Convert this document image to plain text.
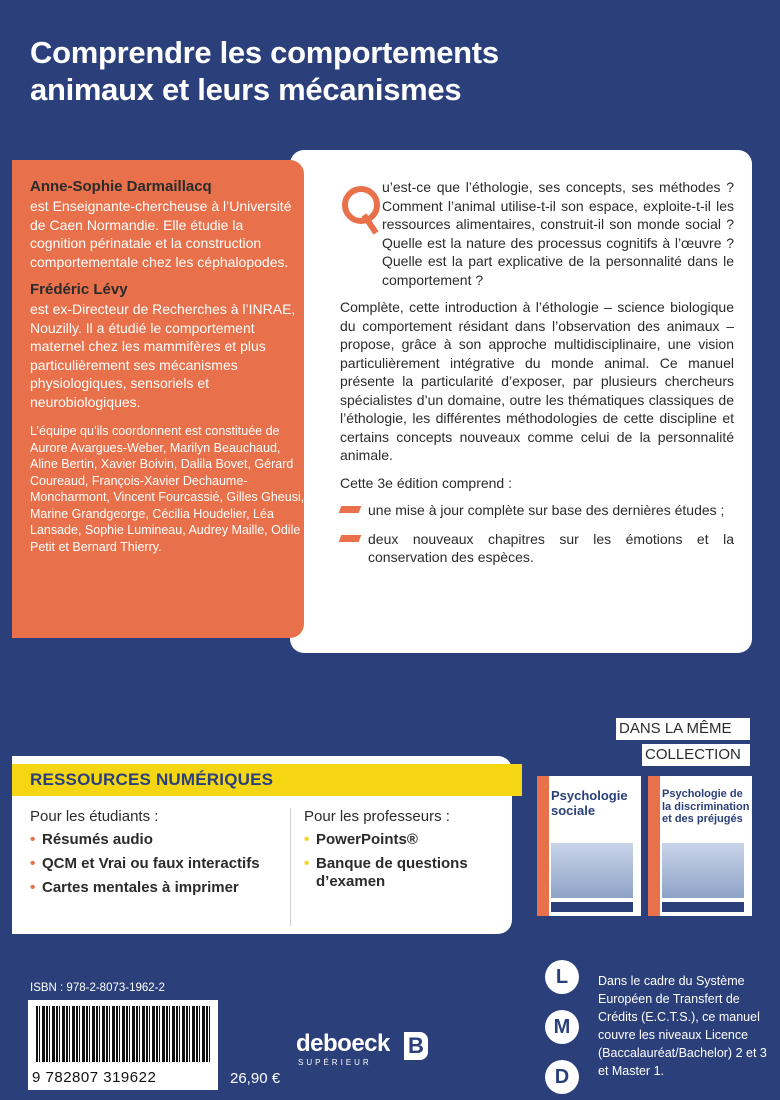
Comprendre les comportements
animaux et leurs mécanismes

Anne-Sophie Darmaillacq

est Enseignante-chercheuse à l’Université de Caen Normandie. Elle étudie la cognition périnatale et la construction comportementale chez les céphalopodes.

Frédéric Lévy

est ex-Directeur de Recherches à l’INRAE, Nouzilly. Il a étudié le comportement maternel chez les mammifères et plus particulièrement ses mécanismes physiologiques, sensoriels et neurobiologiques.

L’équipe qu’ils coordonnent est constituée de Aurore Avargues-Weber, Marilyn Beauchaud, Aline Bertin, Xavier Boivin, Dalila Bovet, Gérard Coureaud, François-Xavier Dechaume-Moncharmont, Vincent Fourcassié, Gilles Gheusi, Marine Grandgeorge, Cécilia Houdelier, Léa Lansade, Sophie Lumineau, Audrey Maille, Odile Petit et Bernard Thierry.
Q	u’est-ce que l’éthologie, ses concepts, ses méthodes ? Comment l’animal utilise-t-il son espace, exploite-t-il les ressources alimentaires, construit-il son monde social ? Quelle est la nature des processus cognitifs à l’œuvre ? Quelle est la part explicative de la personnalité dans le comportement ?

Complète, cette introduction à l’éthologie – science biologique du comportement résidant dans l’observation des animaux – propose, grâce à son approche multidisciplinaire, une vision particulièrement intégrative du monde animal. Ce manuel présente la particularité d’exposer, par plusieurs chercheurs spécialistes d’un domaine, outre les thématiques classiques de l’éthologie, les différentes méthodologies de cette discipline et certains concepts nouveaux comme celui de la personnalité animale.

Cette 3e édition comprend :

une mise à jour complète sur base des dernières études ;
deux nouveaux chapitres sur les émotions et la conservation des espèces.
DANS LA MÊME
COLLECTION
Psychologie sociale
Psychologie de la discrimination et des préjugés
RESSOURCES NUMÉRIQUES

Pour les étudiants :

• Résumés audio

• QCM et Vrai ou faux interactifs

• Cartes mentales à imprimer

Pour les professeurs :

• PowerPoints®

• Banque de questions d’examen

ISBN : 978-2-8073-1962-2
9 782807 319622	26,90 €
deboeck
SUPÉRIEUR
B
L
M
D
Dans le cadre du Système Européen de Transfert de Crédits (E.C.T.S.), ce manuel couvre les niveaux Licence (Baccalauréat/Bachelor) 2 et 3 et Master 1.
